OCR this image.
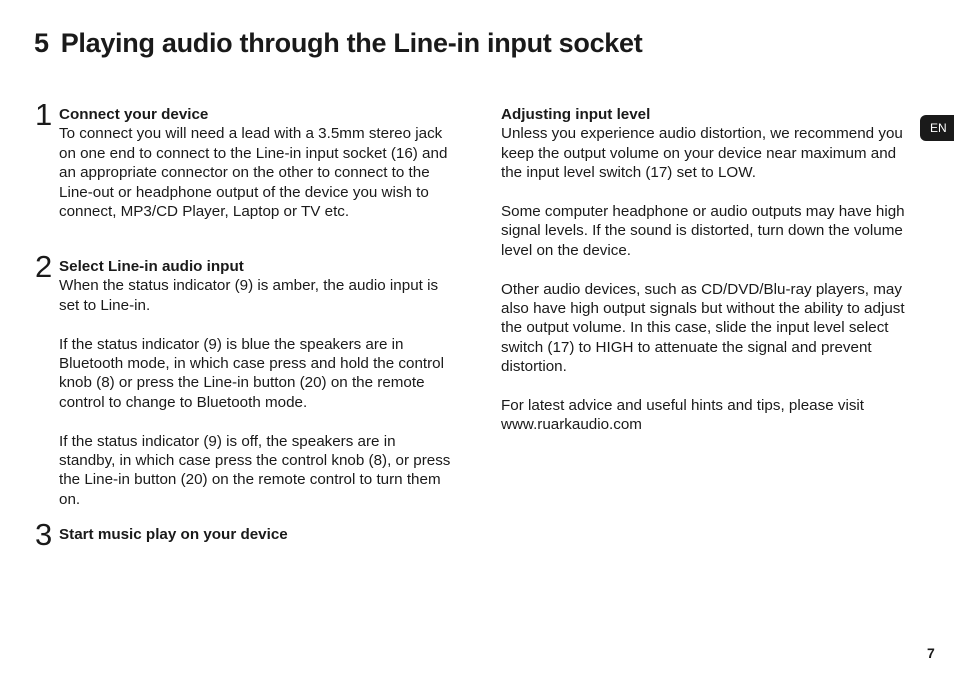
5 Playing audio through the Line-in input socket
EN
1 Connect your device

To connect you will need a lead with a 3.5mm stereo jack on one end to connect to the Line-in input socket (16) and an appropriate connector on the other to connect to the Line-out or headphone output of the device you wish to connect, MP3/CD Player, Laptop or TV etc.

2 Select Line-in audio input

When the status indicator (9) is amber, the audio input is set to Line-in.

If the status indicator (9) is blue the speakers are in Bluetooth mode, in which case press and hold the control knob (8) or press the Line-in button (20) on the remote control to change to Bluetooth mode.

If the status indicator (9) is off, the speakers are in standby, in which case press the control knob (8), or press the Line-in button (20) on the remote control to turn them on.

3 Start music play on your device

Adjusting input level

Unless you experience audio distortion, we recommend you keep the output volume on your device near maximum and the input level switch (17) set to LOW.

Some computer headphone or audio outputs may have high signal levels. If the sound is distorted, turn down the volume level on the device.

Other audio devices, such as CD/DVD/Blu-ray players, may also have high output signals but without the ability to adjust the output volume. In this case, slide the input level select switch (17) to HIGH to attenuate the signal and prevent distortion.

For latest advice and useful hints and tips, please visit www.ruarkaudio.com

7
